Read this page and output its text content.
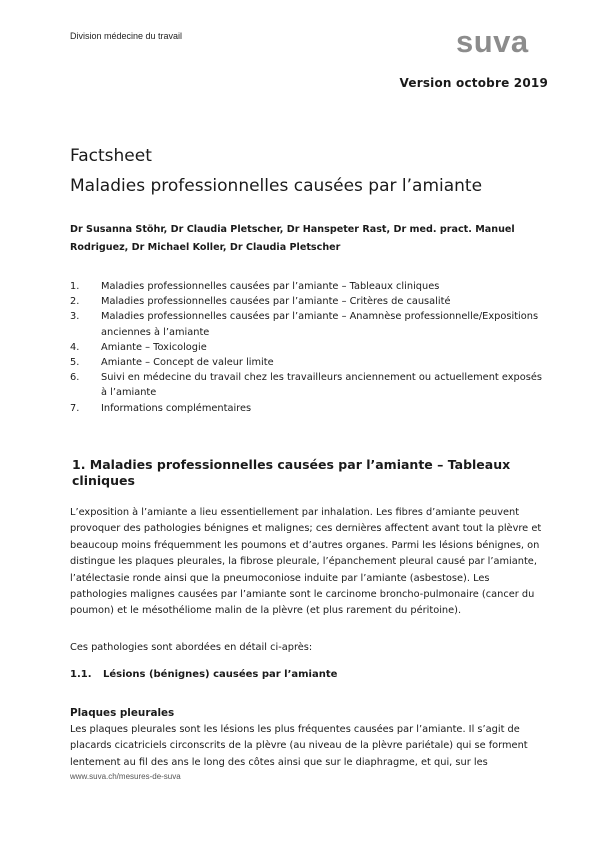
Division médecine du travail	suva
Version octobre 2019
Factsheet
Maladies professionnelles causées par l’amiante
Dr Susanna Stöhr, Dr Claudia Pletscher, Dr Hanspeter Rast, Dr med. pract. Manuel Rodriguez, Dr Michael Koller, Dr Claudia Pletscher
1.	Maladies professionnelles causées par l’amiante – Tableaux cliniques
2.	Maladies professionnelles causées par l’amiante – Critères de causalité
3.	Maladies professionnelles causées par l’amiante – Anamnèse professionnelle/Expositions anciennes à l’amiante
4.	Amiante – Toxicologie
5.	Amiante – Concept de valeur limite
6.	Suivi en médecine du travail chez les travailleurs anciennement ou actuellement exposés à l’amiante
7.	Informations complémentaires
1. Maladies professionnelles causées par l’amiante – Tableaux cliniques
L’exposition à l’amiante a lieu essentiellement par inhalation. Les fibres d’amiante peuvent provoquer des pathologies bénignes et malignes; ces dernières affectent avant tout la plèvre et beaucoup moins fréquemment les poumons et d’autres organes. Parmi les lésions bénignes, on distingue les plaques pleurales, la fibrose pleurale, l’épanchement pleural causé par l’amiante, l’atélectasie ronde ainsi que la pneumoconiose induite par l’amiante (asbestose). Les pathologies malignes causées par l’amiante sont le carcinome broncho-pulmonaire (cancer du poumon) et le mésothéliome malin de la plèvre (et plus rarement du péritoine).
Ces pathologies sont abordées en détail ci-après:
1.1. Lésions (bénignes) causées par l’amiante
Plaques pleurales
Les plaques pleurales sont les lésions les plus fréquentes causées par l’amiante. Il s’agit de placards cicatriciels circonscrits de la plèvre (au niveau de la plèvre pariétale) qui se forment lentement au fil des ans le long des côtes ainsi que sur le diaphragme, et qui, sur les
www.suva.ch/mesures-de-suva
